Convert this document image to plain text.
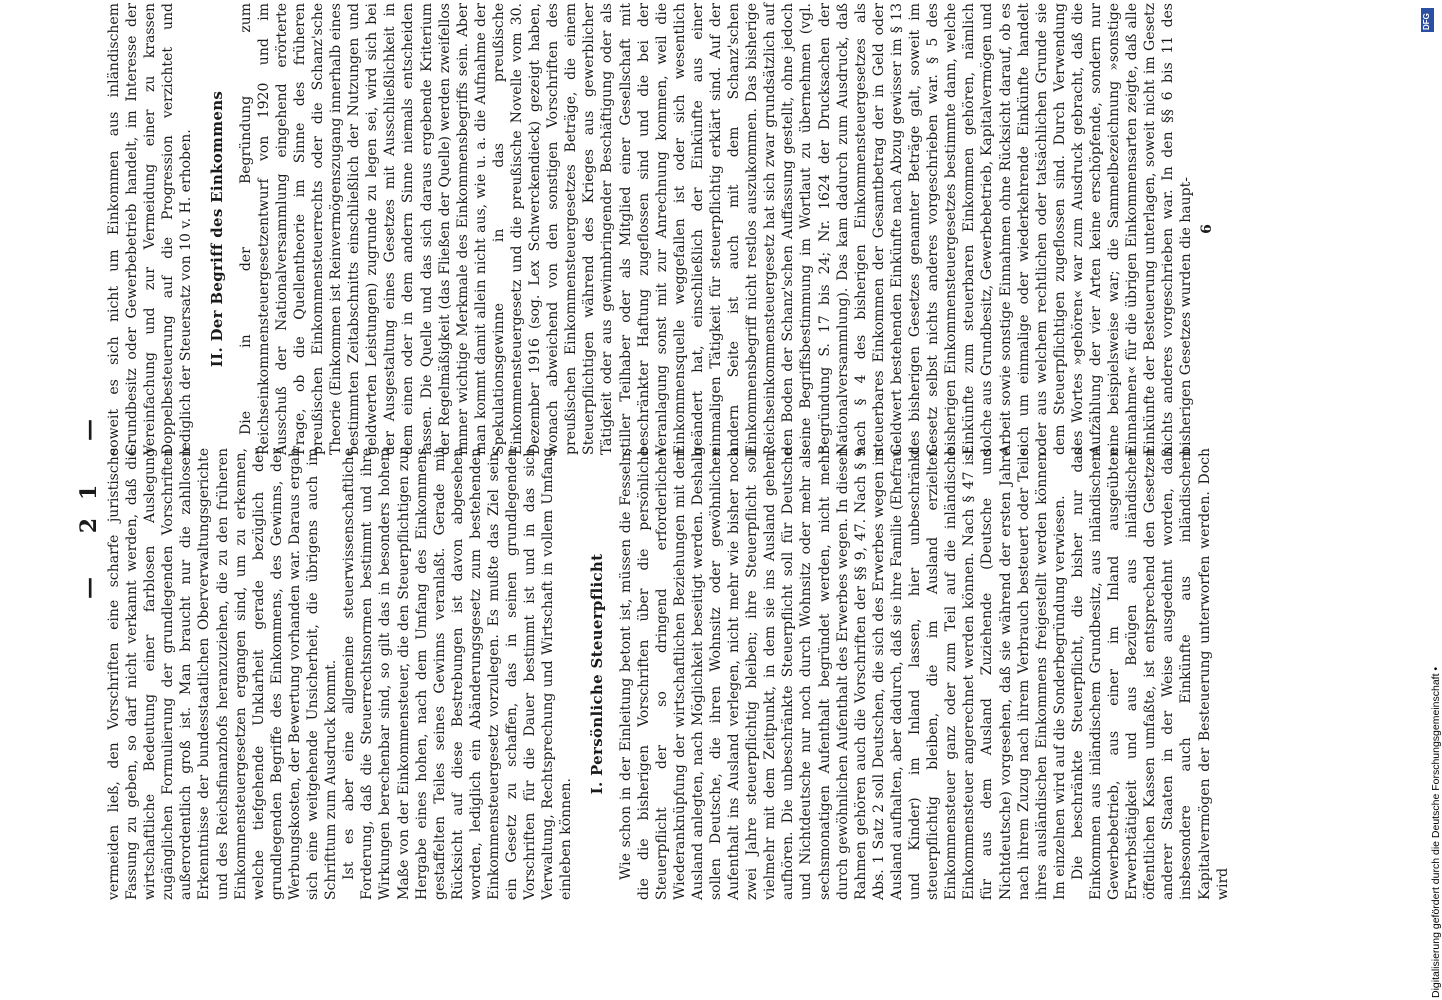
— 21 — vermeiden ließ, den Vorschriften eine scharfe juristische Fassung zu geben, so darf nicht verkannt werden, daß die wirtschaftliche Bedeutung einer farblosen Auslegung zugänglichen Formulierung der grundlegenden Vorschriften außerordentlich groß ist. Man braucht nur die zahllosen Erkenntnisse der bundesstaatlichen Oberverwaltungsgerichte und des Reichsfinanzhofs heranzuziehen, die zu den früheren Einkommensteuergesetzen ergangen sind, um zu erkennen, welche tiefgehende Unklarheit gerade bezüglich der grundlegenden Begriffe des Einkommens, des Gewinns, der Werbungskosten, der Bewertung vorhanden war. Daraus ergab sich eine weitgehende Unsicherheit, die übrigens auch im Schrifttum zum Ausdruck kommt. Ist es aber eine allgemeine steuerwissenschaftliche Forderung, daß die Steuerrechtsnormen bestimmt und ihre Wirkungen berechenbar sind, so gilt das in besonders hohem Maße von der Einkommensteuer, die den Steuerpflichtigen zur Hergabe eines hohen, nach dem Umfang des Einkommens gestaffelten Teiles seines Gewinns veranlaßt. Gerade mit Rücksicht auf diese Bestrebungen ist davon abgesehen worden, lediglich ein Abänderungsgesetz zum bestehenden Einkommensteuergesetz vorzulegen. Es mußte das Ziel sein, ein Gesetz zu schaffen, das in seinen grundlegenden Vorschriften für die Dauer bestimmt ist und in das sich Verwaltung, Rechtsprechung und Wirtschaft in vollem Umfang einleben können.

I. Persönliche Steuerpflicht Wie schon in der Einleitung betont ist, müssen die Fesseln, die die bisherigen Vorschriften über die persönliche Steuerpflicht der so dringend erforderlichen Wiederanknüpfung der wirtschaftlichen Beziehungen mit dem Ausland anlegten, nach Möglichkeit beseitigt werden. Deshalb sollen Deutsche, die ihren Wohnsitz oder gewöhnlichen Aufenthalt ins Ausland verlegen, nicht mehr wie bisher noch zwei Jahre steuerpflichtig bleiben; ihre Steuerpflicht soll vielmehr mit dem Zeitpunkt, in dem sie ins Ausland gehen, aufhören. Die unbeschränkte Steuerpflicht soll für Deutsche und Nichtdeutsche nur noch durch Wohnsitz oder mehr als sechsmonatigen Aufenthalt begründet werden, nicht mehr durch gewöhnlichen Aufenthalt des Erwerbes wegen. In diesen Rahmen gehören auch die Vorschriften der §§ 9, 47. Nach § 9 Abs. 1 Satz 2 soll Deutschen, die sich des Erwerbes wegen im Ausland aufhalten, aber dadurch, daß sie ihre Familie (Ehefrau und Kinder) im Inland lassen, hier unbeschränkt steuerpflichtig bleiben, die im Ausland erzielten Einkommensteuer ganz oder zum Teil auf die inländische Einkommensteuer angerechnet werden können. Nach § 47 ist für aus dem Ausland Zuziehende (Deutsche und Nichtdeutsche) vorgesehen, daß sie während der ersten Jahre nach ihrem Zuzug nach ihrem Verbrauch besteuert oder Teile ihres ausländischen Einkommens freigestellt werden können. Im einzelnen wird auf die Sonderbegründung verwiesen. Die beschränkte Steuerpflicht, die bisher nur das Einkommen aus inländischem Grundbesitz, aus inländischem Gewerbebetrieb, aus einer im Inland ausgeübten Erwerbstätigkeit und aus Bezügen aus inländischen öffentlichen Kassen umfaßte, ist entsprechend den Gesetzen anderer Staaten in der Weise ausgedehnt worden, daß insbesondere auch Einkünfte aus inländischem Kapitalvermögen der Besteuerung unterworfen werden. Doch wird

soweit es sich nicht um Einkommen aus inländischem Grundbesitz oder Gewerbebetrieb handelt, im Interesse der Vereinfachung und zur Vermeidung einer zu krassen Doppelbesteuerung auf die Progression verzichtet und lediglich der Steuersatz von 10 v. H. erhoben. II. Der Begriff des Einkommens Die in der Begründung zum Reichseinkommensteuergesetzentwurf von 1920 und im Ausschuß der Nationalversammlung eingehend erörterte Frage, ob die Quellentheorie im Sinne des früheren preußischen Einkommensteuerrechts oder die Schanz'sche Theorie (Einkommen ist Reinvermögenszugang innerhalb eines bestimmten Zeitabschnitts einschließlich der Nutzungen und geldwerten Leistungen) zugrunde zu legen sei, wird sich bei der Ausgestaltung eines Gesetzes mit Ausschließlichkeit in dem einen oder in dem andern Sinne niemals entscheiden lassen. Die Quelle und das sich daraus ergebende Kriterium der Regelmäßigkeit (das Fließen der Quelle) werden zweifellos immer wichtige Merkmale des Einkommensbegriffs sein. Aber man kommt damit allein nicht aus, wie u. a. die Aufnahme der Spekulationsgewinne in das preußische Einkommensteuergesetz und die preußische Novelle vom 30. Dezember 1916 (sog. Lex Schwerckendieck) gezeigt haben, wonach abweichend von den sonstigen Vorschriften des preußischen Einkommensteuergesetzes Beträge, die einem Steuerpflichtigen während des Krieges aus gewerblicher Tätigkeit oder aus gewinnbringender Beschäftigung oder als stiller Teilhaber oder als Mitglied einer Gesellschaft mit beschränkter Haftung zugeflossen sind und die bei der Veranlagung sonst mit zur Anrechnung kommen, weil die Einkommensquelle weggefallen ist oder sich wesentlich geändert hat, einschließlich der Einkünfte aus einer einmaligen Tätigkeit für steuerpflichtig erklärt sind. Auf der andern Seite ist auch mit dem Schanz'schen Einkommensbegriff nicht restlos auszukommen. Das bisherige Reichseinkommensteuergesetz hat sich zwar grundsätzlich auf den Boden der Schanz'schen Auffassung gestellt, ohne jedoch seine Begriffsbestimmung im Wortlaut zu übernehmen (vgl. Begründung S. 17 bis 24; Nr. 1624 der Drucksachen der Nationalversammlung). Das kam dadurch zum Ausdruck, daß nach § 4 des bisherigen Einkommensteuergesetzes als steuerbares Einkommen der Gesamtbetrag der in Geld oder Geldwert bestehenden Einkünfte nach Abzug gewisser im § 13 des bisherigen Gesetzes genannter Beträge galt, soweit im Gesetz selbst nichts anderes vorgeschrieben war. § 5 des bisherigen Einkommensteuergesetzes bestimmte dann, welche Einkünfte zum steuerbaren Einkommen gehören, nämlich solche aus Grundbesitz, Gewerbebetrieb, Kapitalvermögen und Arbeit sowie sonstige Einnahmen ohne Rücksicht darauf, ob es sich um einmalige oder wiederkehrende Einkünfte handelt oder aus welchem rechtlichen oder tatsächlichen Grunde sie dem Steuerpflichtigen zugeflossen sind. Durch Verwendung des Wortes »gehören« war zum Ausdruck gebracht, daß die Aufzählung der vier Arten keine erschöpfende, sondern nur eine beispielsweise war; die Sammelbezeichnung »sonstige Einnahmen« für die übrigen Einkommensarten zeigte, daß alle Einkünfte der Besteuerung unterlagen, soweit nicht im Gesetz nichts anderes vorgeschrieben war. In den §§ 6 bis 11 des bisherigen Gesetzes wurden die haupt- 6
Digitalisierung gefördert durch die Deutsche Forschungsgemeinschaft •
DFG
